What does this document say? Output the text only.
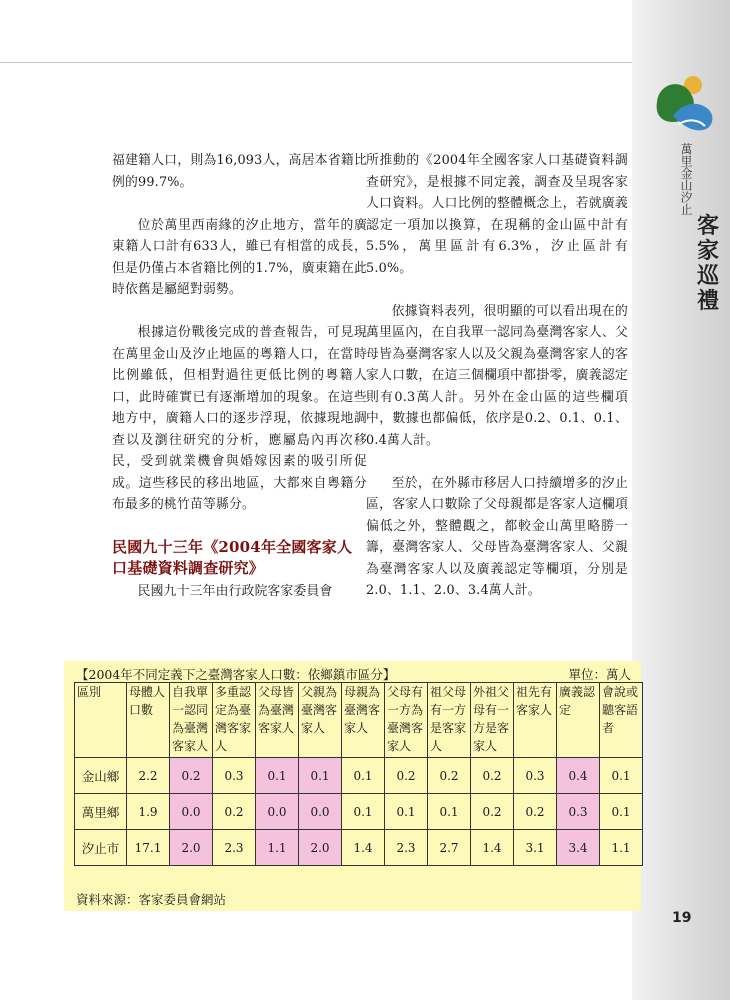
萬里金山汐止
客
家
巡
禮

福建籍人口，則為16,093人，高居本省籍比例的99.7%。

位於萬里西南緣的汐止地方，當年的廣東籍人口計有633人，雖已有相當的成長，但是仍僅占本省籍比例的1.7%，廣東籍在此時依舊是屬絕對弱勢。

根據這份戰後完成的普查報告，可見現在萬里金山及汐止地區的粵籍人口，在當時比例雖低，但相對過往更低比例的粵籍人口，此時確實已有逐漸增加的現象。在這些地方中，廣籍人口的逐步浮現，依據現地調查以及瀏往研究的分析，應屬島內再次移民，受到就業機會與婚嫁因素的吸引所促成。這些移民的移出地區，大都來自粵籍分布最多的桃竹苗等縣分。

民國九十三年《2004年全國客家人口基礎資料調查研究》

民國九十三年由行政院客家委員會

所推動的《2004年全國客家人口基礎資料調查研究》，是根據不同定義，調查及呈現客家人口資料。人口比例的整體概念上，若就廣義認定一項加以換算，在現稱的金山區中計有5.5%，萬里區計有6.3%，汐止區計有5.0%。

依據資料表列，很明顯的可以看出現在的萬里區內，在自我單一認同為臺灣客家人、父母皆為臺灣客家人以及父親為臺灣客家人的客家人口數，在這三個欄項中都掛零，廣義認定則有0.3萬人計。另外在金山區的這些欄項中，數據也都偏低，依序是0.2、0.1、0.1、0.4萬人計。

至於，在外縣市移居人口持續增多的汐止區，客家人口數除了父母親都是客家人這欄項偏低之外，整體觀之，都較金山萬里略勝一籌，臺灣客家人、父母皆為臺灣客家人、父親為臺灣客家人以及廣義認定等欄項，分別是2.0、1.1、2.0、3.4萬人計。

【2004年不同定義下之臺灣客家人口數：依鄉鎮市區分】	單位：萬人
區別	母體人口數	自我單一認同為臺灣客家人	多重認定為臺灣客家人	父母皆為臺灣客家人	父親為臺灣客家人	母親為臺灣客家人	父母有一方為臺灣客家人	祖父母有一方是客家人	外祖父母有一方是客家人	祖先有客家人	廣義認定	會說或聽客語者
金山鄉	2.2	0.2	0.3	0.1	0.1	0.1	0.2	0.2	0.2	0.3	0.4	0.1
萬里鄉	1.9	0.0	0.2	0.0	0.0	0.1	0.1	0.1	0.2	0.2	0.3	0.1
汐止市	17.1	2.0	2.3	1.1	2.0	1.4	2.3	2.7	1.4	3.1	3.4	1.1
資料來源：客家委員會網站
19
